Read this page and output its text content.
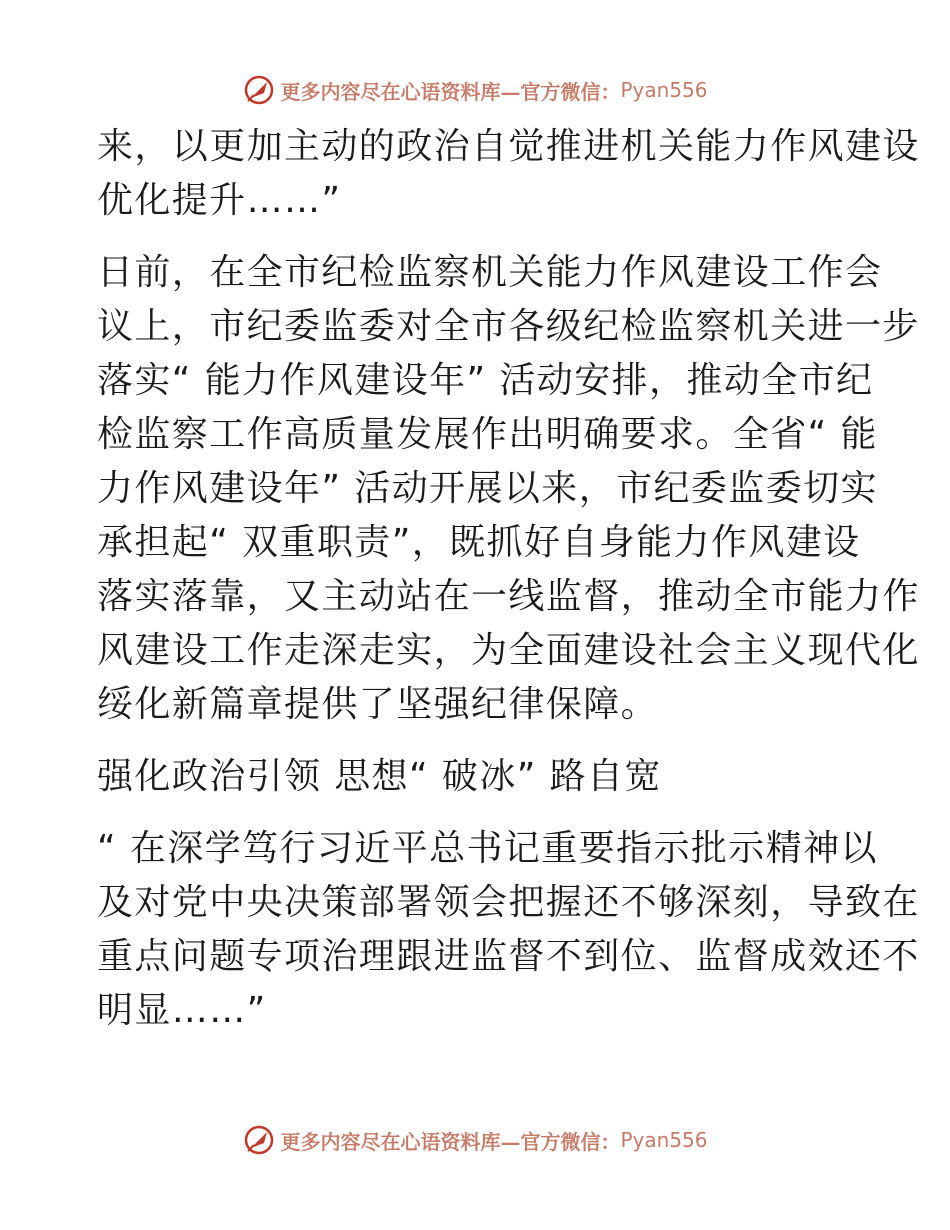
更多内容尽在心语资料库—官方微信： Pyan556
来，以更加主动的政治自觉推进机关能力作风建设
优化提升……”
日前，在全市纪检监察机关能力作风建设工作会
议上，市纪委监委对全市各级纪检监察机关进一步
落实“ 能力作风建设年” 活动安排，推动全市纪
检监察工作高质量发展作出明确要求。全省“ 能
力作风建设年” 活动开展以来，市纪委监委切实
承担起“ 双重职责”，既抓好自身能力作风建设
落实落靠，又主动站在一线监督，推动全市能力作
风建设工作走深走实，为全面建设社会主义现代化
绥化新篇章提供了坚强纪律保障。
强化政治引领 思想“ 破冰” 路自宽
“ 在深学笃行习近平总书记重要指示批示精神以
及对党中央决策部署领会把握还不够深刻，导致在
重点问题专项治理跟进监督不到位、监督成效还不
明显……”
更多内容尽在心语资料库—官方微信： Pyan556
